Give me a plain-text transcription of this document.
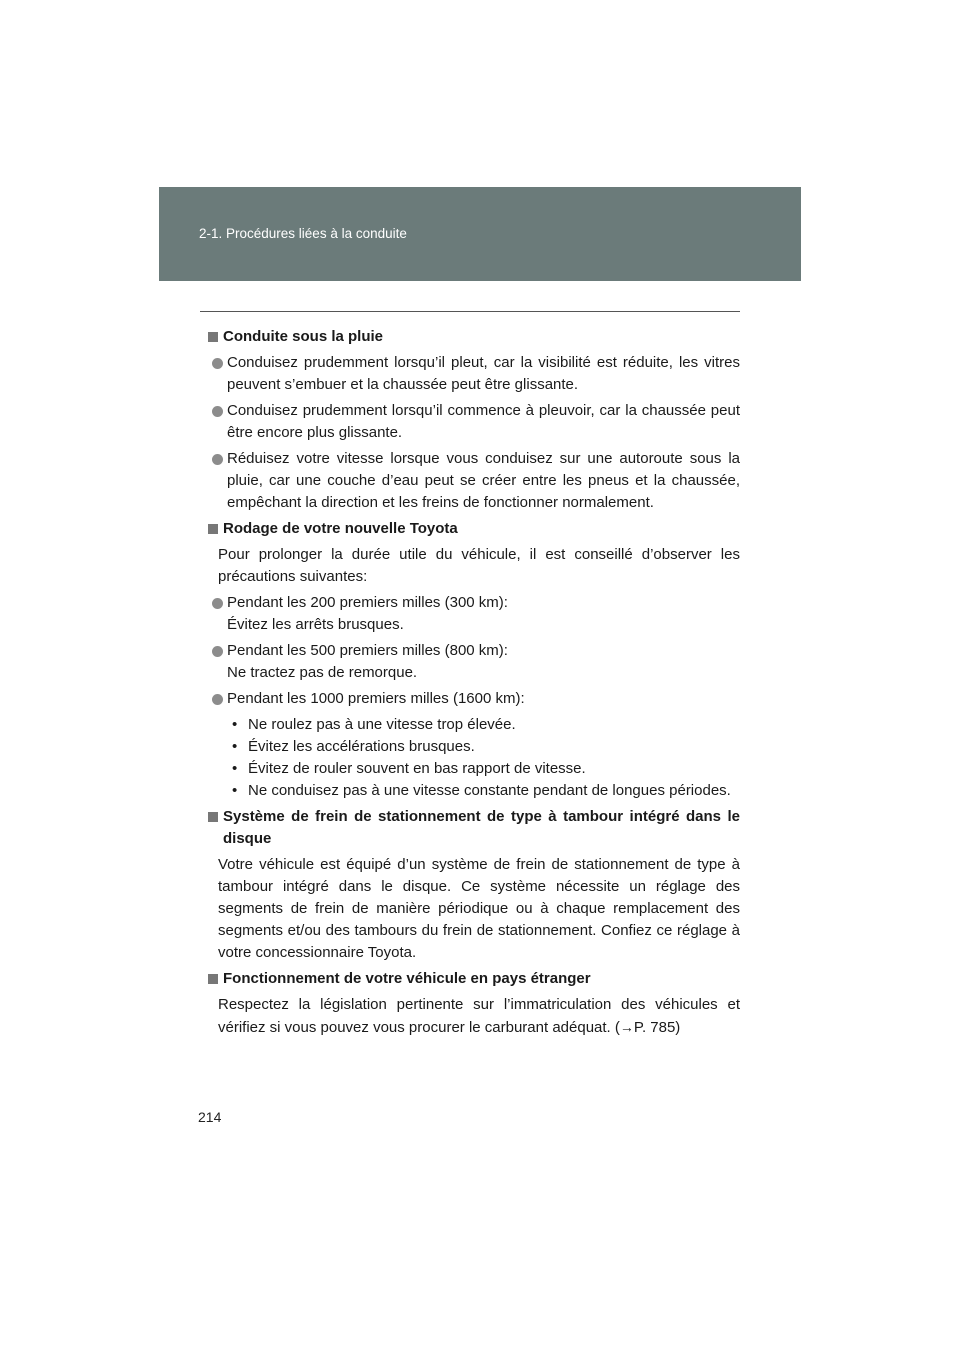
2-1. Procédures liées à la conduite
Conduite sous la pluie
Conduisez prudemment lorsqu’il pleut, car la visibilité est réduite, les vitres peuvent s’embuer et la chaussée peut être glissante.
Conduisez prudemment lorsqu’il commence à pleuvoir, car la chaussée peut être encore plus glissante.
Réduisez votre vitesse lorsque vous conduisez sur une autoroute sous la pluie, car une couche d’eau peut se créer entre les pneus et la chaussée, empêchant la direction et les freins de fonctionner normalement.
Rodage de votre nouvelle Toyota
Pour prolonger la durée utile du véhicule, il est conseillé d’observer les précautions suivantes:
Pendant les 200 premiers milles (300 km):
Évitez les arrêts brusques.
Pendant les 500 premiers milles (800 km):
Ne tractez pas de remorque.
Pendant les 1000 premiers milles (1600 km):
• Ne roulez pas à une vitesse trop élevée.
• Évitez les accélérations brusques.
• Évitez de rouler souvent en bas rapport de vitesse.
• Ne conduisez pas à une vitesse constante pendant de longues périodes.
Système de frein de stationnement de type à tambour intégré dans le disque
Votre véhicule est équipé d’un système de frein de stationnement de type à tambour intégré dans le disque. Ce système nécessite un réglage des segments de frein de manière périodique ou à chaque remplacement des segments et/ou des tambours du frein de stationnement. Confiez ce réglage à votre concessionnaire Toyota.
Fonctionnement de votre véhicule en pays étranger
Respectez la législation pertinente sur l’immatriculation des véhicules et vérifiez si vous pouvez vous procurer le carburant adéquat. (→P. 785)
214
